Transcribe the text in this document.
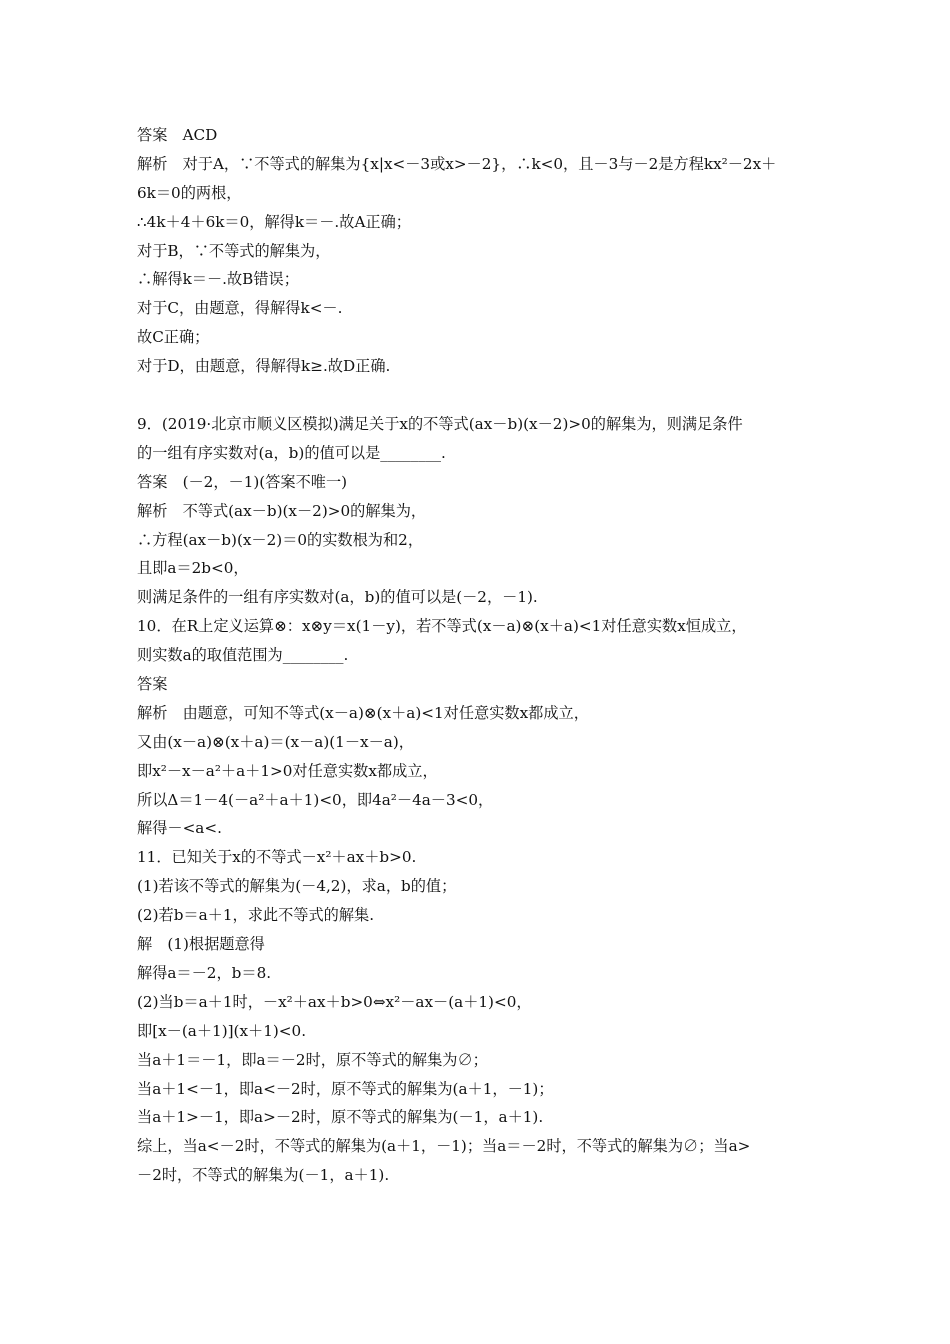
答案　ACD
解析　对于A，∵不等式的解集为{x|x<－3或x>－2}，∴k<0，且－3与－2是方程kx²－2x＋
6k＝0的两根，
∴4k＋4＋6k＝0，解得k＝－.故A正确；
对于B，∵不等式的解集为，
∴解得k＝－.故B错误；
对于C，由题意，得解得k<－.
故C正确；
对于D，由题意，得解得k≥.故D正确.
9．(2019·北京市顺义区模拟)满足关于x的不等式(ax－b)(x－2)>0的解集为，则满足条件
的一组有序实数对(a，b)的值可以是________.
答案　(－2，－1)(答案不唯一)
解析　不等式(ax－b)(x－2)>0的解集为，
∴方程(ax－b)(x－2)＝0的实数根为和2，
且即a＝2b<0，
则满足条件的一组有序实数对(a，b)的值可以是(－2，－1).
10．在R上定义运算⊗：x⊗y＝x(1－y)，若不等式(x－a)⊗(x＋a)<1对任意实数x恒成立，
则实数a的取值范围为________.
答案
解析　由题意，可知不等式(x－a)⊗(x＋a)<1对任意实数x都成立，
又由(x－a)⊗(x＋a)＝(x－a)(1－x－a)，
即x²－x－a²＋a＋1>0对任意实数x都成立，
所以Δ＝1－4(－a²＋a＋1)<0，即4a²－4a－3<0，
解得－<a<.
11．已知关于x的不等式－x²＋ax＋b>0.
(1)若该不等式的解集为(－4,2)，求a，b的值；
(2)若b＝a＋1，求此不等式的解集.
解　(1)根据题意得
解得a＝－2，b＝8.
(2)当b＝a＋1时，－x²＋ax＋b>0⇔x²－ax－(a＋1)<0，
即[x－(a＋1)](x＋1)<0.
当a＋1＝－1，即a＝－2时，原不等式的解集为∅；
当a＋1<－1，即a<－2时，原不等式的解集为(a＋1，－1)；
当a＋1>－1，即a>－2时，原不等式的解集为(－1，a＋1).
综上，当a<－2时，不等式的解集为(a＋1，－1)；当a＝－2时，不等式的解集为∅；当a>
－2时，不等式的解集为(－1，a＋1).
